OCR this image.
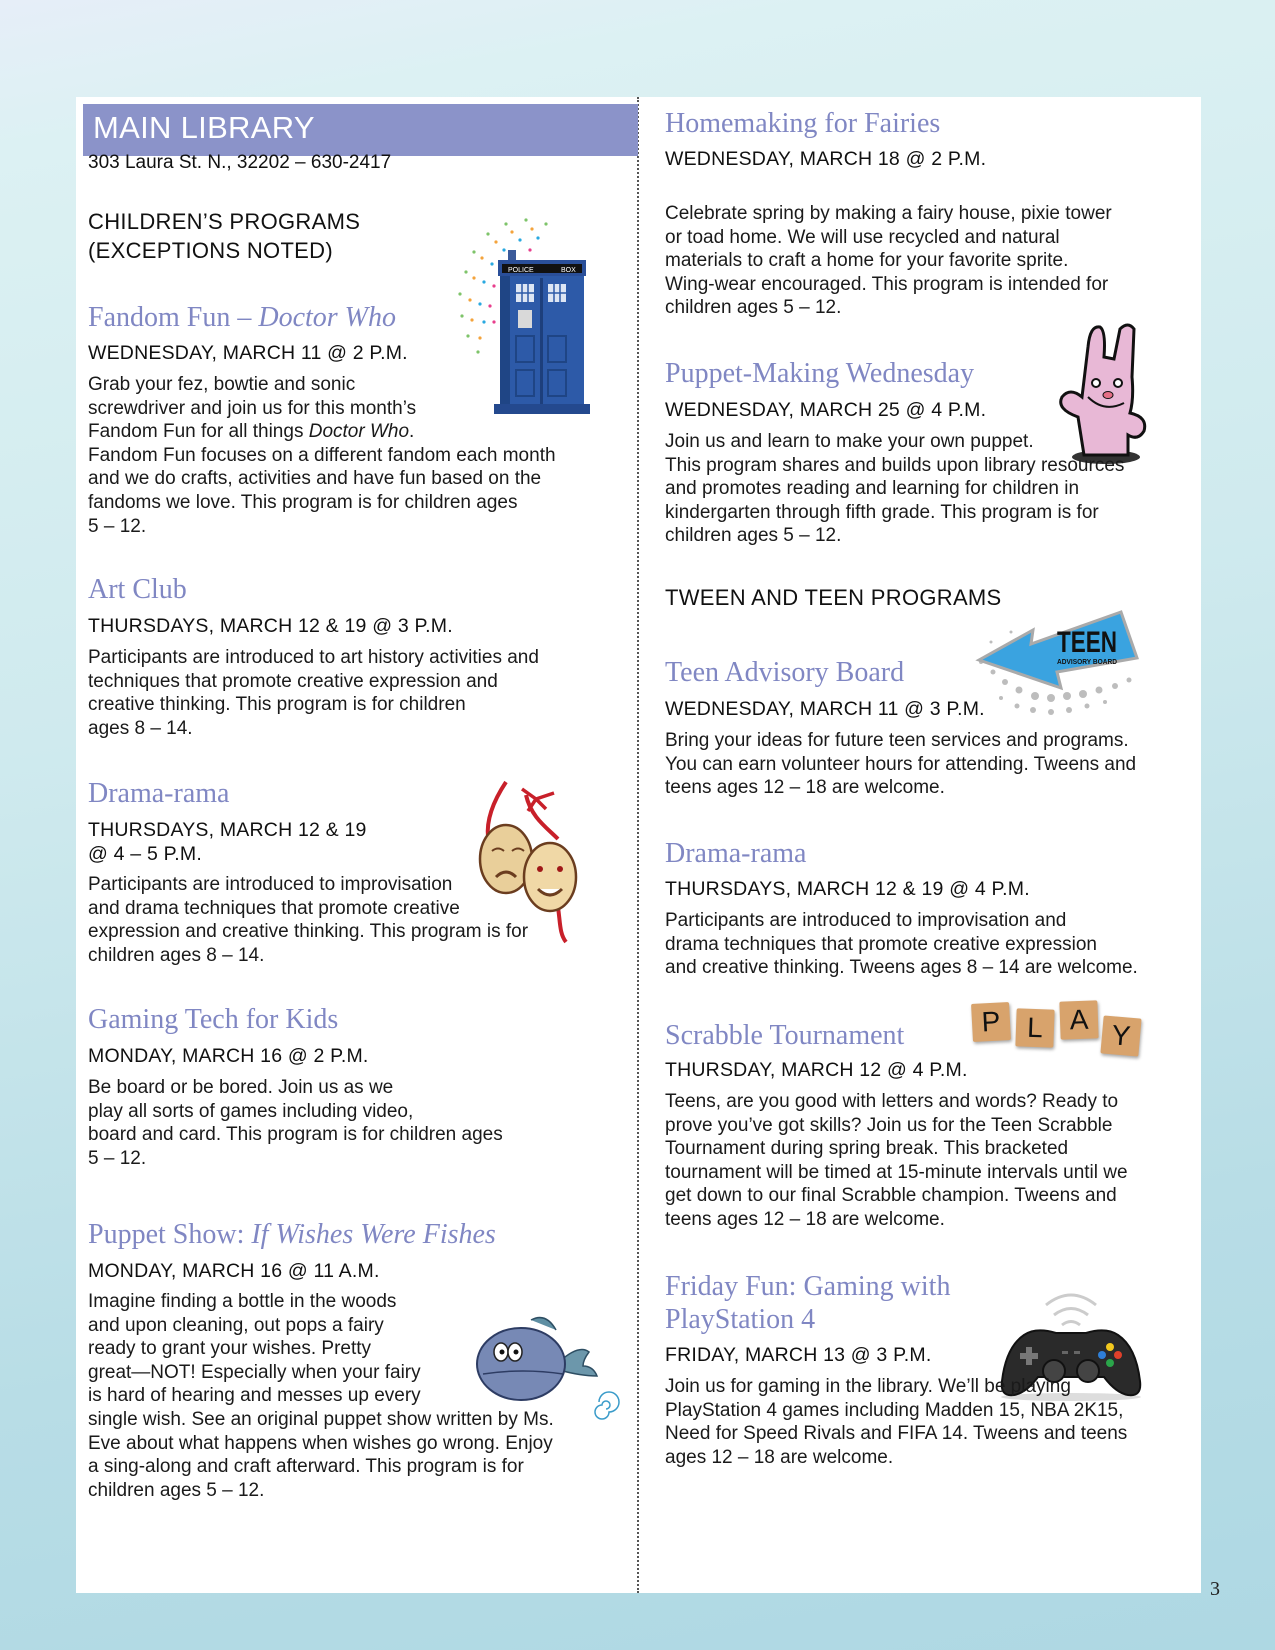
MAIN LIBRARY
303 Laura St. N., 32202 – 630-2417
CHILDREN’S PROGRAMS
(EXCEPTIONS NOTED)
POLICE	BOX
Fandom Fun – Doctor Who
WEDNESDAY, MARCH 11 @ 2 P.M.
Grab your fez, bowtie and sonic
screwdriver and join us for this month’s
Fandom Fun for all things Doctor Who.
Fandom Fun focuses on a different fandom each month
and we do crafts, activities and have fun based on the
fandoms we love. This program is for children ages
5 – 12.
Art Club
THURSDAYS, MARCH 12 & 19 @ 3 P.M.
Participants are introduced to art history activities and
techniques that promote creative expression and
creative thinking. This program is for children
ages 8 – 14.
Drama-rama
THURSDAYS, MARCH 12 & 19
@ 4 – 5 P.M.
Participants are introduced to improvisation
and drama techniques that promote creative
expression and creative thinking. This program is for
children ages 8 – 14.
Gaming Tech for Kids
MONDAY, MARCH 16 @ 2 P.M.
Be board or be bored. Join us as we
play all sorts of games including video,
board and card. This program is for children ages
5 – 12.
Puppet Show: If Wishes Were Fishes
MONDAY, MARCH 16 @ 11 A.M.
Imagine finding a bottle in the woods
and upon cleaning, out pops a fairy
ready to grant your wishes. Pretty
great—NOT! Especially when your fairy
is hard of hearing and messes up every
single wish. See an original puppet show written by Ms.
Eve about what happens when wishes go wrong. Enjoy
a sing-along and craft afterward. This program is for
children ages 5 – 12.
Homemaking for Fairies
WEDNESDAY, MARCH 18 @ 2 P.M.
Celebrate spring by making a fairy house, pixie tower
or toad home. We will use recycled and natural
materials to craft a home for your favorite sprite.
Wing-wear encouraged. This program is intended for
children ages 5 – 12.
Puppet-Making Wednesday
WEDNESDAY, MARCH 25 @ 4 P.M.
Join us and learn to make your own puppet.
This program shares and builds upon library resources
and promotes reading and learning for children in
kindergarten through fifth grade. This program is for
children ages 5 – 12.
TWEEN AND TEEN PROGRAMS
TEEN
ADVISORY BOARD
Teen Advisory Board
WEDNESDAY, MARCH 11 @ 3 P.M.
Bring your ideas for future teen services and programs.
You can earn volunteer hours for attending. Tweens and
teens ages 12 – 18 are welcome.
Drama-rama
THURSDAYS, MARCH 12 & 19 @ 4 P.M.
Participants are introduced to improvisation and
drama techniques that promote creative expression
and creative thinking. Tweens ages 8 – 14 are welcome.
P L A Y
Scrabble Tournament
THURSDAY, MARCH 12 @ 4 P.M.
Teens, are you good with letters and words? Ready to
prove you’ve got skills? Join us for the Teen Scrabble
Tournament during spring break. This bracketed
tournament will be timed at 15-minute intervals until we
get down to our final Scrabble champion. Tweens and
teens ages 12 – 18 are welcome.
Friday Fun: Gaming with
PlayStation 4
FRIDAY, MARCH 13 @ 3 P.M.
Join us for gaming in the library. We’ll be playing
PlayStation 4 games including Madden 15, NBA 2K15,
Need for Speed Rivals and FIFA 14. Tweens and teens
ages 12 – 18 are welcome.
3
